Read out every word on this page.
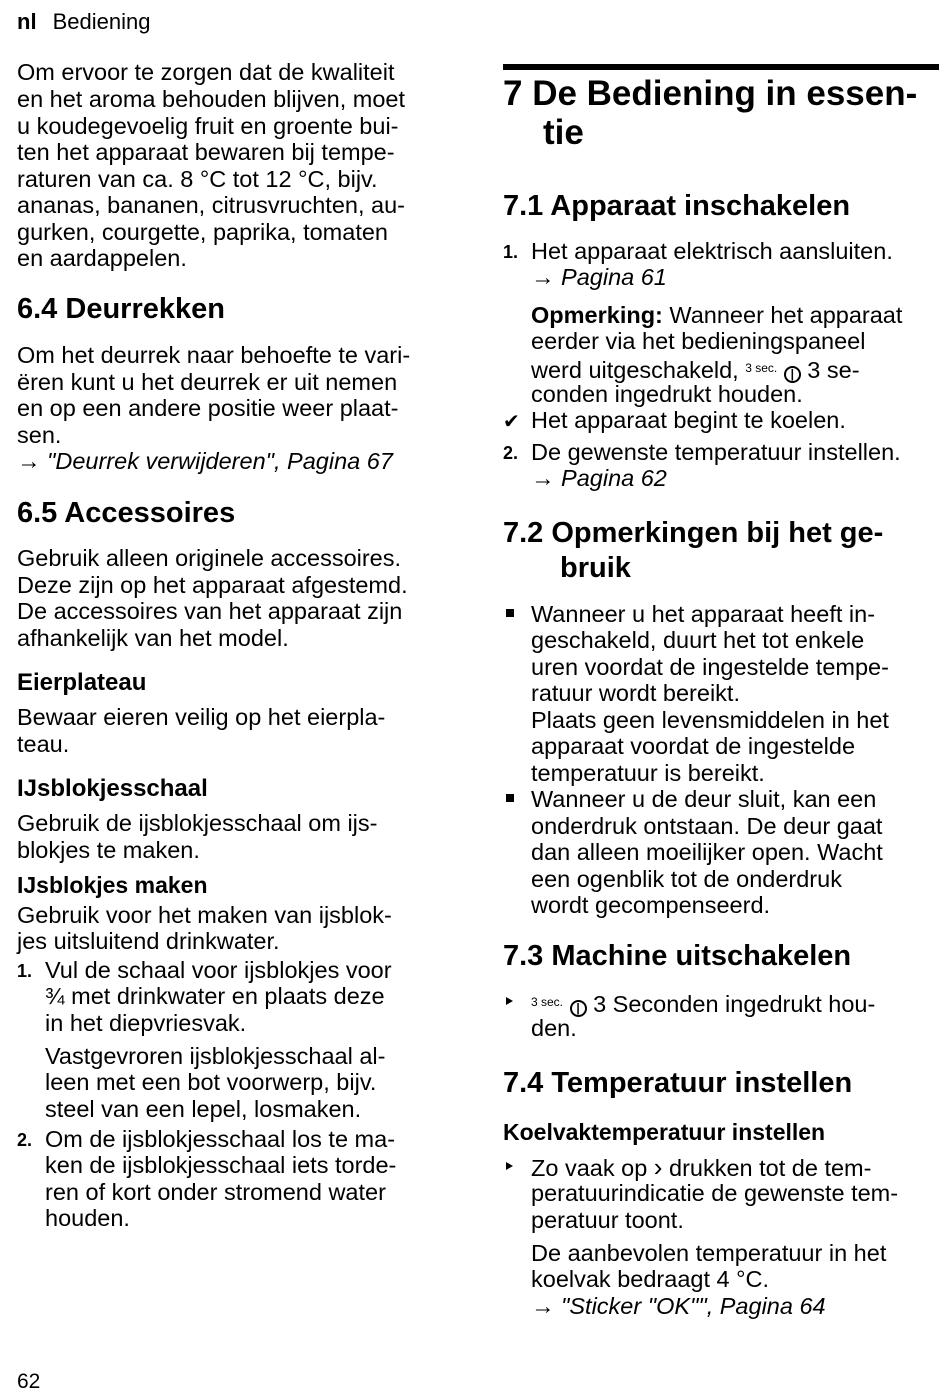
nl Bediening

Om ervoor te zorgen dat de kwaliteit

en het aroma behouden blijven, moet

u koudegevoelig fruit en groente bui-

ten het apparaat bewaren bij tempe-

raturen van ca. 8 °C tot 12 °C, bijv.

ananas, bananen, citrusvruchten, au-

gurken, courgette, paprika, tomaten

en aardappelen.

6.4 Deurrekken

Om het deurrek naar behoefte te vari-

ëren kunt u het deurrek er uit nemen

en op een andere positie weer plaat-

sen.

→ "Deurrek verwijderen", Pagina 67

6.5 Accessoires

Gebruik alleen originele accessoires.

Deze zijn op het apparaat afgestemd.

De accessoires van het apparaat zijn

afhankelijk van het model.

Eierplateau

Bewaar eieren veilig op het eierpla-

teau.

IJsblokjesschaal

Gebruik de ijsblokjesschaal om ijs-

blokjes te maken.

IJsblokjes maken

Gebruik voor het maken van ijsblok-

jes uitsluitend drinkwater.

1. Vul de schaal voor ijsblokjes voor

¾ met drinkwater en plaats deze

in het diepvriesvak.

Vastgevroren ijsblokjesschaal al-

leen met een bot voorwerp, bijv.

steel van een lepel, losmaken.

2. Om de ijsblokjesschaal los te ma-

ken de ijsblokjesschaal iets torde-

ren of kort onder stromend water

houden.

7 De Bediening in essen-
tie
7.1 Apparaat inschakelen
1. Het apparaat elektrisch aansluiten.

→ Pagina 61

Opmerking: Wanneer het apparaat

eerder via het bedieningspaneel

werd uitgeschakeld, $^{3 sec.}$ | 3 se-

conden ingedrukt houden.

✔ Het apparaat begint te koelen.

2. De gewenste temperatuur instellen.

→ Pagina 62

7.2 Opmerkingen bij het ge-
bruik

Wanneer u het apparaat heeft in-

geschakeld, duurt het tot enkele

uren voordat de ingestelde tempe-

ratuur wordt bereikt.

Plaats geen levensmiddelen in het

apparaat voordat de ingestelde

temperatuur is bereikt.

Wanneer u de deur sluit, kan een

onderdruk ontstaan. De deur gaat

dan alleen moeilijker open. Wacht

een ogenblik tot de onderdruk

wordt gecompenseerd.

7.3 Machine uitschakelen

$^{3 sec.}$ | 3 Seconden ingedrukt hou-

den.

7.4 Temperatuur instellen
Koelvaktemperatuur instellen

Zo vaak op › drukken tot de tem-

peratuurindicatie de gewenste tem-

peratuur toont.

De aanbevolen temperatuur in het

koelvak bedraagt 4 °C.

→ "Sticker "OK"", Pagina 64

62
